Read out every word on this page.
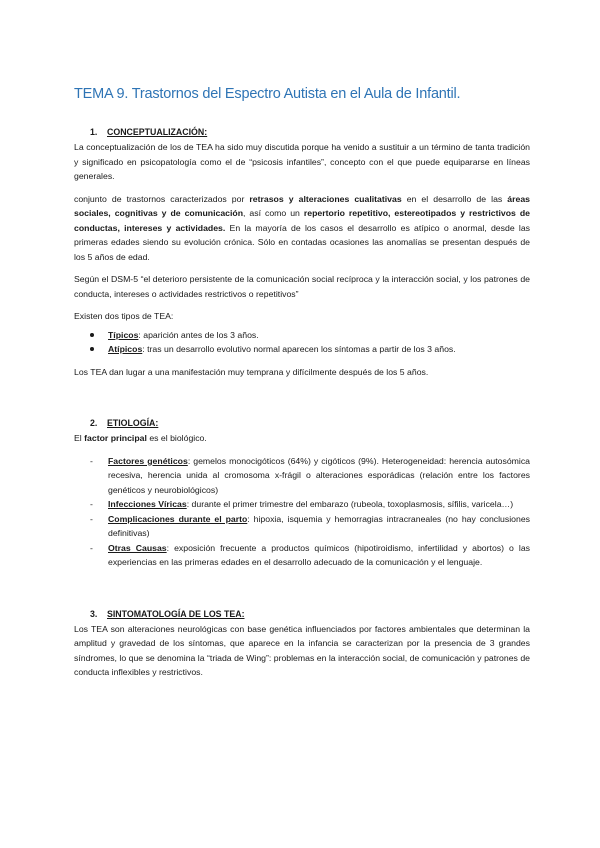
TEMA 9. Trastornos del Espectro Autista en el Aula de Infantil.
1. CONCEPTUALIZACIÓN:

La conceptualización de los de TEA ha sido muy discutida porque ha venido a sustituir a un término de tanta tradición y significado en psicopatología como el de “psicosis infantiles”, concepto con el que puede equipararse en líneas generales.

conjunto de trastornos caracterizados por retrasos y alteraciones cualitativas en el desarrollo de las áreas sociales, cognitivas y de comunicación, así como un repertorio repetitivo, estereotipados y restrictivos de conductas, intereses y actividades. En la mayoría de los casos el desarrollo es atípico o anormal, desde las primeras edades siendo su evolución crónica. Sólo en contadas ocasiones las anomalías se presentan después de los 5 años de edad.

Según el DSM-5 “el deterioro persistente de la comunicación social recíproca y la interacción social, y los patrones de conducta, intereses o actividades restrictivos o repetitivos”

Existen dos tipos de TEA:

Típicos: aparición antes de los 3 años.
Atípicos: tras un desarrollo evolutivo normal aparecen los síntomas a partir de los 3 años.

Los TEA dan lugar a una manifestación muy temprana y difícilmente después de los 5 años.

2. ETIOLOGÍA:

El factor principal es el biológico.

- Factores genéticos: gemelos monocigóticos (64%) y cigóticos (9%). Heterogeneidad: herencia autosómica recesiva, herencia unida al cromosoma x-frágil o alteraciones esporádicas (relación entre los factores genéticos y neurobiológicos)
- Infecciones Víricas: durante el primer trimestre del embarazo (rubeola, toxoplasmosis, sífilis, varicela…)
- Complicaciones durante el parto: hipoxia, isquemia y hemorragias intracraneales (no hay conclusiones definitivas)
- Otras Causas: exposición frecuente a productos químicos (hipotiroidismo, infertilidad y abortos) o las experiencias en las primeras edades en el desarrollo adecuado de la comunicación y el lenguaje.
3. SINTOMATOLOGÍA DE LOS TEA:

Los TEA son alteraciones neurológicas con base genética influenciados por factores ambientales que determinan la amplitud y gravedad de los síntomas, que aparece en la infancia se caracterizan por la presencia de 3 grandes síndromes, lo que se denomina la “triada de Wing”: problemas en la interacción social, de comunicación y patrones de conducta inflexibles y restrictivos.
